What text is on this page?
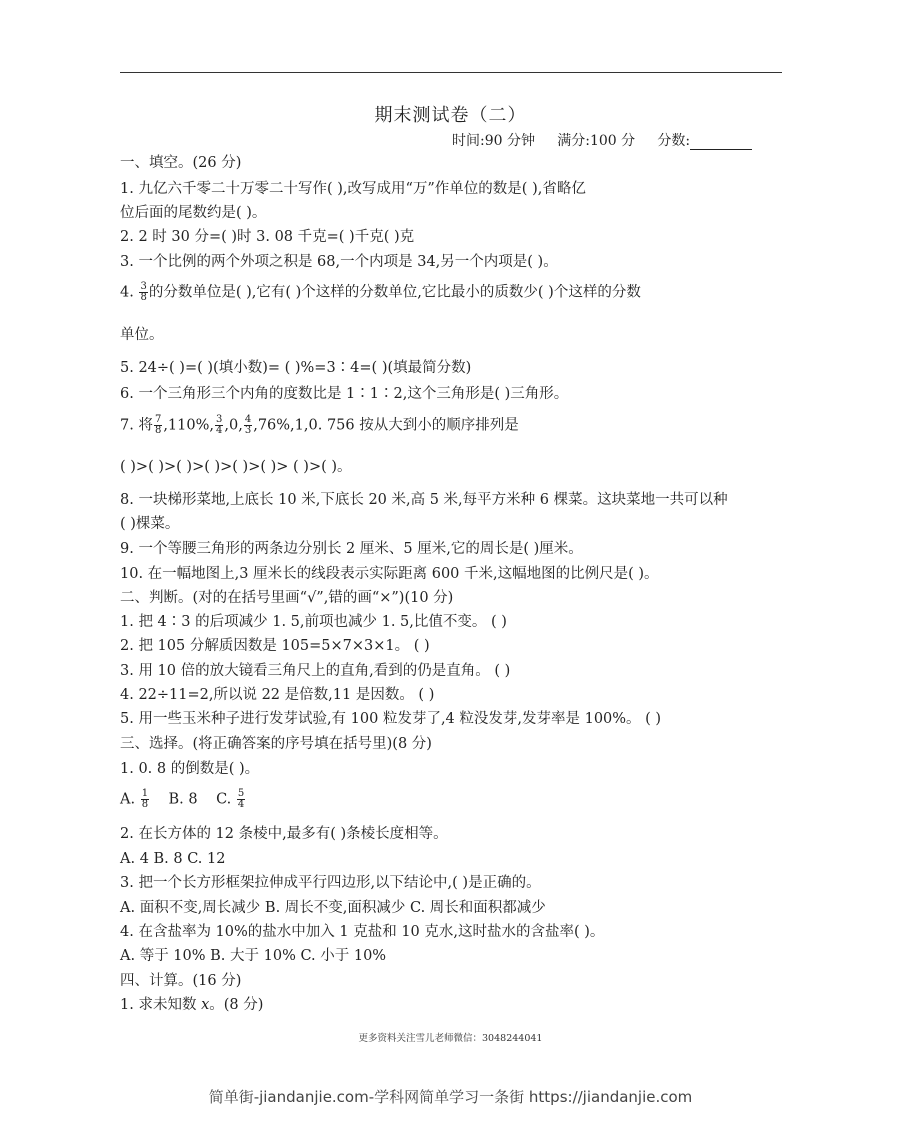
期末测试卷（二）
时间:90 分钟 满分:100 分 分数:
一、填空。(26 分)
1. 九亿六千零二十万零二十写作( ),改写成用“万”作单位的数是( ),省略亿
位后面的尾数约是( )。
2. 2 时 30 分=( )时 3. 08 千克=( )千克( )克
3. 一个比例的两个外项之积是 68,一个内项是 34,另一个内项是( )。
4. $\frac{3}{8}$ 的分数单位是( ),它有( )个这样的分数单位,它比最小的质数少( )个这样的分数
单位。
5. 24÷( )=( )(填小数)= ( )%=3∶4=( )(填最简分数)
6. 一个三角形三个内角的度数比是 1∶1∶2,这个三角形是( )三角形。
7. 将 $\frac{7}{8} ,110\%$, $\frac{3}{4} ,0$, $\frac{4}{3} ,76\%,1,0$. 756 按从大到小的顺序排列是
( )>( )>( )>( )>( )>( )> ( )>( )。
8. 一块梯形菜地,上底长 10 米,下底长 20 米,高 5 米,每平方米种 6 棵菜。这块菜地一共可以种
( )棵菜。
9. 一个等腰三角形的两条边分别长 2 厘米、5 厘米,它的周长是( )厘米。
10. 在一幅地图上,3 厘米长的线段表示实际距离 600 千米,这幅地图的比例尺是( )。
二、判断。(对的在括号里画“√”,错的画“×”)(10 分)
1. 把 4∶3 的后项减少 1. 5,前项也减少 1. 5,比值不变。 ( )
2. 把 105 分解质因数是 105=5×7×3×1。 ( )
3. 用 10 倍的放大镜看三角尺上的直角,看到的仍是直角。 ( )
4. 22÷11=2,所以说 22 是倍数,11 是因数。 ( )
5. 用一些玉米种子进行发芽试验,有 100 粒发芽了,4 粒没发芽,发芽率是 100%。 ( )
三、选择。(将正确答案的序号填在括号里)(8 分)
1. 0. 8 的倒数是( )。
A. $\frac{1}{8} B$. 8 C. $\frac{5}{4}$
2. 在长方体的 12 条棱中,最多有( )条棱长度相等。
A. 4 B. 8 C. 12
3. 把一个长方形框架拉伸成平行四边形,以下结论中,( )是正确的。
A. 面积不变,周长减少 B. 周长不变,面积减少 C. 周长和面积都减少
4. 在含盐率为 10%的盐水中加入 1 克盐和 10 克水,这时盐水的含盐率( )。
A. 等于 10% B. 大于 10% C. 小于 10%
四、计算。(16 分)
1. 求未知数 x。(8 分)
更多资料关注雪儿老师微信：3048244041
简单街-jiandanjie.com-学科网简单学习一条街 https://jiandanjie.com
